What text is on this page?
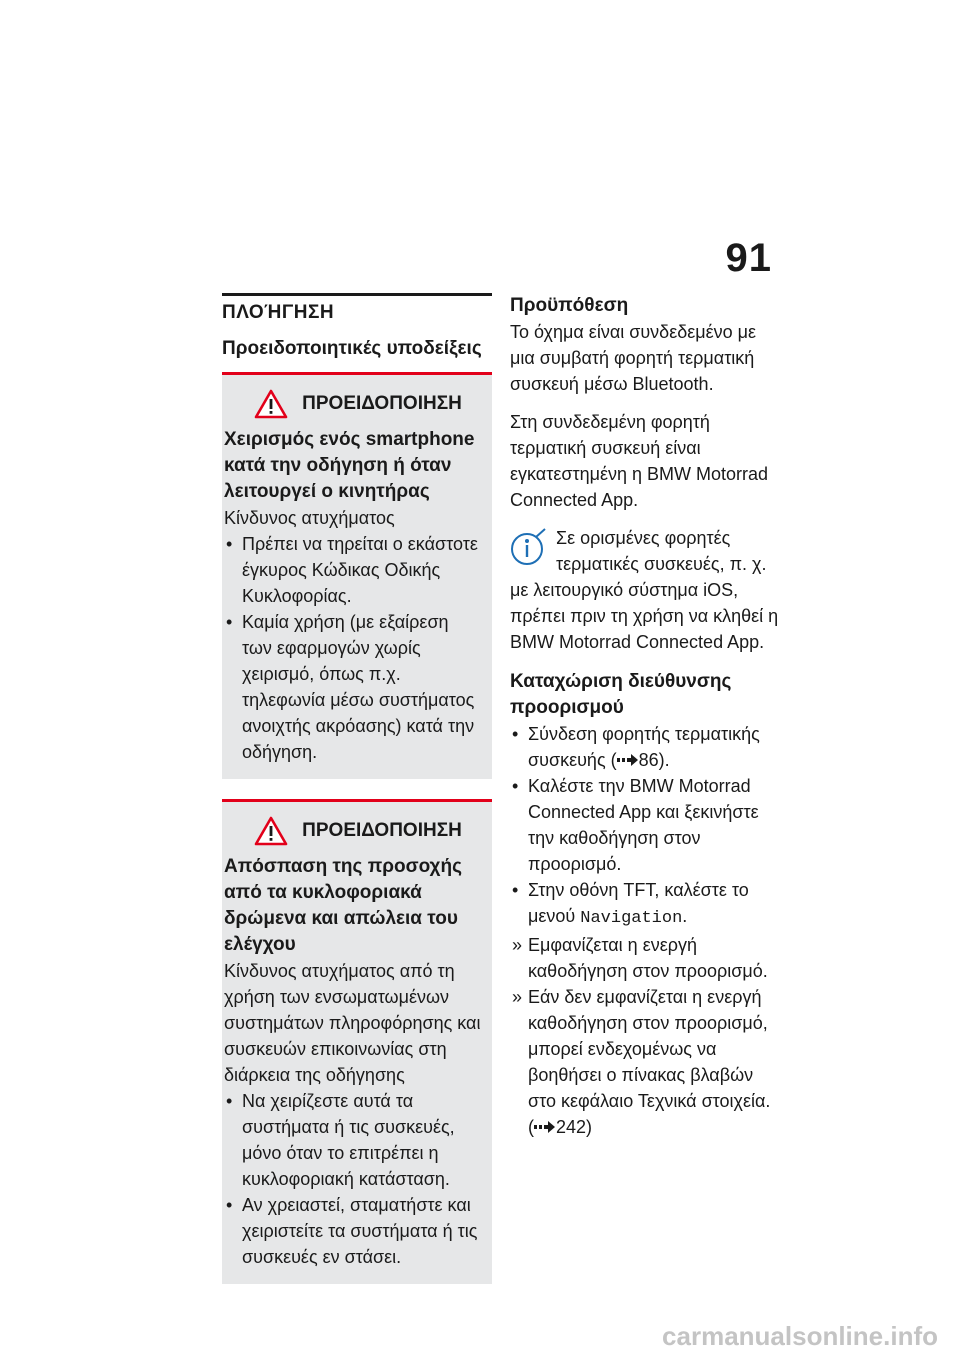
91
ΠΛΟΉΓΗΣΗ
Προειδοποιητικές υποδείξεις
ΠΡΟΕΙΔΟΠΟΙΗΣΗ
Χειρισμός ενός smartphone κατά την οδήγηση ή όταν λειτουργεί ο κινητήρας
Κίνδυνος ατυχήματος
• Πρέπει να τηρείται ο εκάστοτε έγκυρος Κώδικας Οδικής Κυκλοφορίας.
• Καμία χρήση (με εξαίρεση των εφαρμογών χωρίς χειρισμό, όπως π.χ. τηλεφωνία μέσω συστήματος ανοιχτής ακρόασης) κατά την οδήγηση.
ΠΡΟΕΙΔΟΠΟΙΗΣΗ
Απόσπαση της προσοχής από τα κυκλοφοριακά δρώμενα και απώλεια του ελέγχου
Κίνδυνος ατυχήματος από τη χρήση των ενσωματωμένων συστημάτων πληροφόρησης και συσκευών επικοινωνίας στη διάρκεια της οδήγησης
• Να χειρίζεστε αυτά τα συστήματα ή τις συσκευές, μόνο όταν το επιτρέπει η κυκλοφοριακή κατάσταση.
• Αν χρειαστεί, σταματήστε και χειριστείτε τα συστήματα ή τις συσκευές εν στάσει.
Προϋπόθεση

Το όχημα είναι συνδεδεμένο με μια συμβατή φορητή τερματική συσκευή μέσω Bluetooth.

Στη συνδεδεμένη φορητή τερματική συσκευή είναι εγκατεστημένη η BMW Motorrad Connected App.

Σε ορισμένες φορητές τερματικές συσκευές, π. χ. με λειτουργικό σύστημα iOS, πρέπει πριν τη χρήση να κληθεί η BMW Motorrad Connected App.
Καταχώριση διεύθυνσης προορισμού
• Σύνδεση φορητής τερματικής συσκευής ( 86).
• Καλέστε την BMW Motorrad Connected App και ξεκινήστε την καθοδήγηση στον προορισμό.
• Στην οθόνη TFT, καλέστε το μενού Navigation.
» Εμφανίζεται η ενεργή καθοδήγηση στον προορισμό.
» Εάν δεν εμφανίζεται η ενεργή καθοδήγηση στον προορισμό, μπορεί ενδεχομένως να βοηθήσει ο πίνακας βλαβών στο κεφάλαιο Τεχνικά στοιχεία.
( 242)
carmanualsonline.info
